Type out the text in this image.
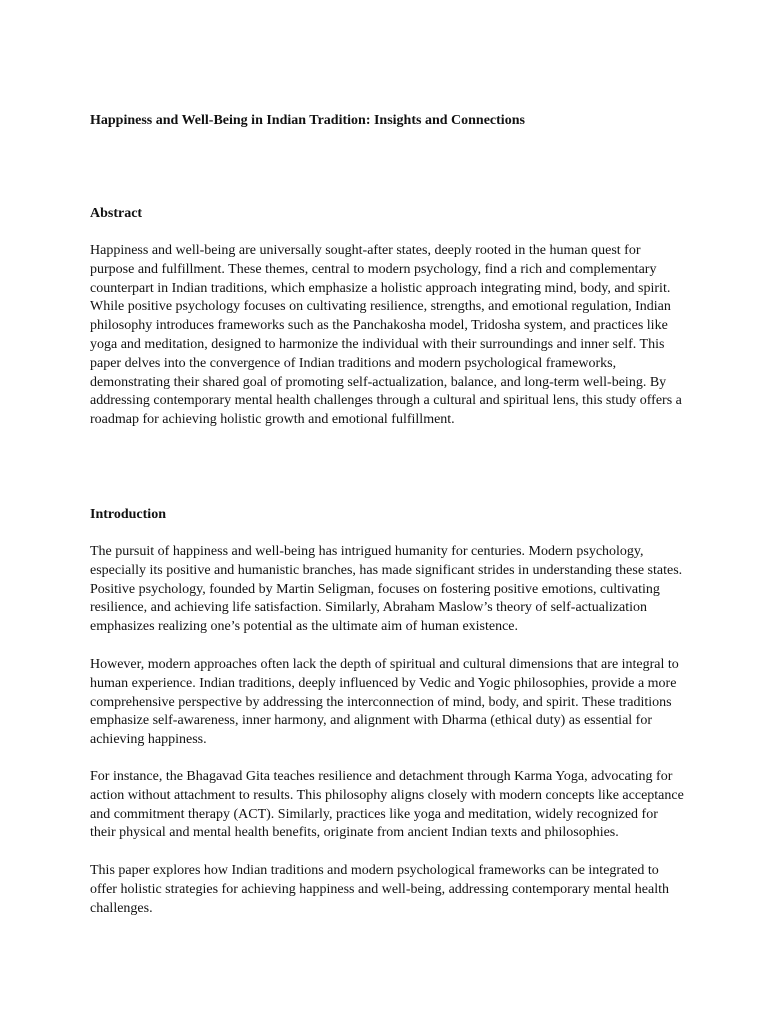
Happiness and Well-Being in Indian Tradition: Insights and Connections
Abstract
Happiness and well-being are universally sought-after states, deeply rooted in the human quest for
purpose and fulfillment. These themes, central to modern psychology, find a rich and complementary
counterpart in Indian traditions, which emphasize a holistic approach integrating mind, body, and spirit.
While positive psychology focuses on cultivating resilience, strengths, and emotional regulation, Indian
philosophy introduces frameworks such as the Panchakosha model, Tridosha system, and practices like
yoga and meditation, designed to harmonize the individual with their surroundings and inner self. This
paper delves into the convergence of Indian traditions and modern psychological frameworks,
demonstrating their shared goal of promoting self-actualization, balance, and long-term well-being. By
addressing contemporary mental health challenges through a cultural and spiritual lens, this study offers a
roadmap for achieving holistic growth and emotional fulfillment.
Introduction
The pursuit of happiness and well-being has intrigued humanity for centuries. Modern psychology,
especially its positive and humanistic branches, has made significant strides in understanding these states.
Positive psychology, founded by Martin Seligman, focuses on fostering positive emotions, cultivating
resilience, and achieving life satisfaction. Similarly, Abraham Maslow’s theory of self-actualization
emphasizes realizing one’s potential as the ultimate aim of human existence.
However, modern approaches often lack the depth of spiritual and cultural dimensions that are integral to
human experience. Indian traditions, deeply influenced by Vedic and Yogic philosophies, provide a more
comprehensive perspective by addressing the interconnection of mind, body, and spirit. These traditions
emphasize self-awareness, inner harmony, and alignment with Dharma (ethical duty) as essential for
achieving happiness.
For instance, the Bhagavad Gita teaches resilience and detachment through Karma Yoga, advocating for
action without attachment to results. This philosophy aligns closely with modern concepts like acceptance
and commitment therapy (ACT). Similarly, practices like yoga and meditation, widely recognized for
their physical and mental health benefits, originate from ancient Indian texts and philosophies.
This paper explores how Indian traditions and modern psychological frameworks can be integrated to
offer holistic strategies for achieving happiness and well-being, addressing contemporary mental health
challenges.
